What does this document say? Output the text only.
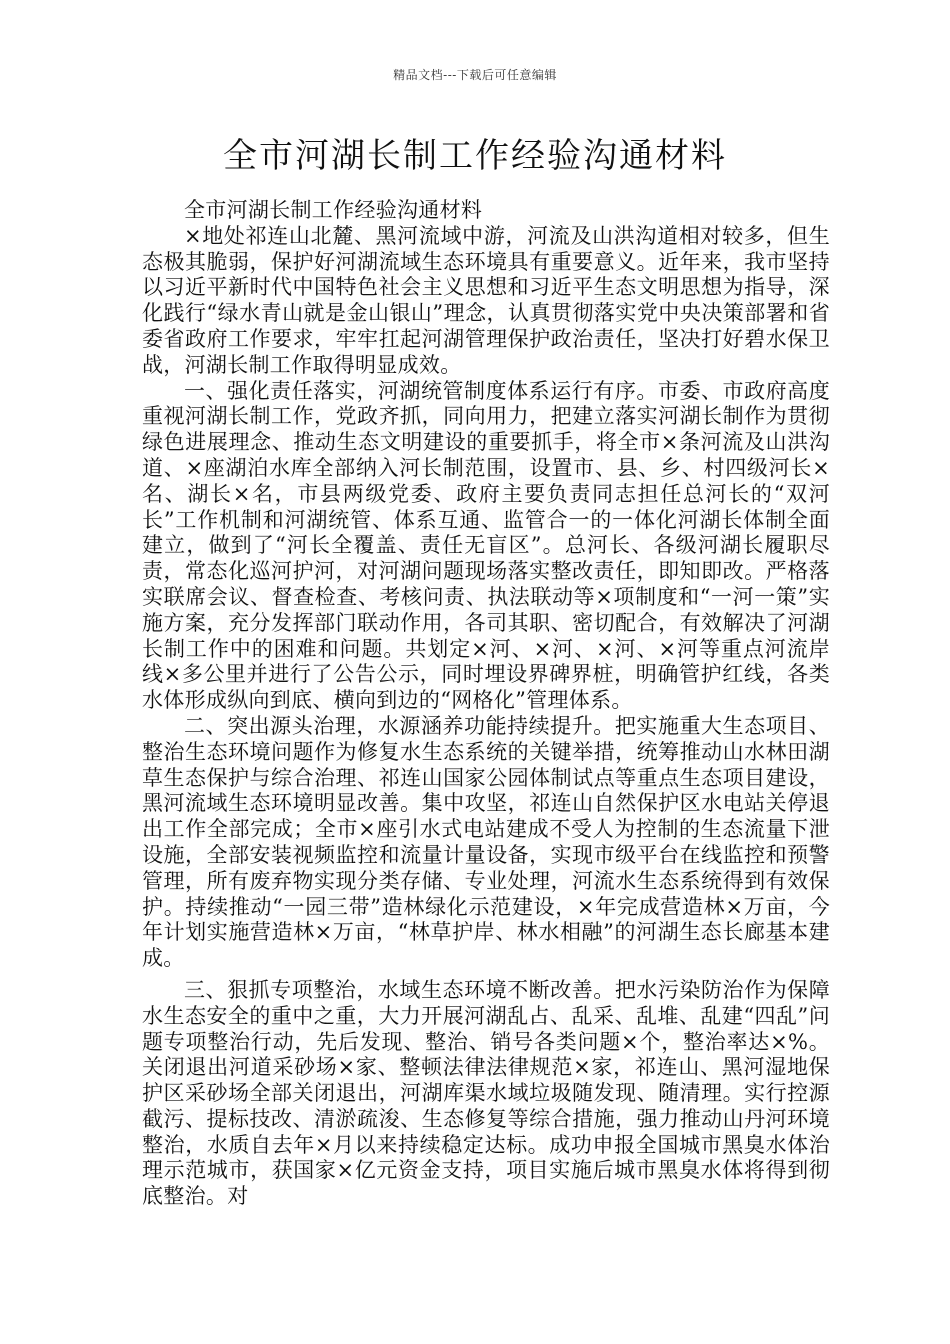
精品文档---下载后可任意编辑
全市河湖长制工作经验沟通材料

全市河湖长制工作经验沟通材料

×地处祁连山北麓、黑河流域中游，河流及山洪沟道相对较多，但生态极其脆弱，保护好河湖流域生态环境具有重要意义。近年来，我市坚持以习近平新时代中国特色社会主义思想和习近平生态文明思想为指导，深化践行“绿水青山就是金山银山”理念，认真贯彻落实党中央决策部署和省委省政府工作要求，牢牢扛起河湖管理保护政治责任，坚决打好碧水保卫战，河湖长制工作取得明显成效。

一、强化责任落实，河湖统管制度体系运行有序。市委、市政府高度重视河湖长制工作，党政齐抓，同向用力，把建立落实河湖长制作为贯彻绿色进展理念、推动生态文明建设的重要抓手，将全市×条河流及山洪沟道、×座湖泊水库全部纳入河长制范围，设置市、县、乡、村四级河长×名、湖长×名，市县两级党委、政府主要负责同志担任总河长的“双河长”工作机制和河湖统管、体系互通、监管合一的一体化河湖长体制全面建立，做到了“河长全覆盖、责任无盲区”。总河长、各级河湖长履职尽责，常态化巡河护河，对河湖问题现场落实整改责任，即知即改。严格落实联席会议、督查检查、考核问责、执法联动等×项制度和“一河一策”实施方案，充分发挥部门联动作用，各司其职、密切配合，有效解决了河湖长制工作中的困难和问题。共划定×河、×河、×河、×河等重点河流岸线×多公里并进行了公告公示，同时埋设界碑界桩，明确管护红线，各类水体形成纵向到底、横向到边的“网格化”管理体系。

二、突出源头治理，水源涵养功能持续提升。把实施重大生态项目、整治生态环境问题作为修复水生态系统的关键举措，统筹推动山水林田湖草生态保护与综合治理、祁连山国家公园体制试点等重点生态项目建设，黑河流域生态环境明显改善。集中攻坚，祁连山自然保护区水电站关停退出工作全部完成；全市×座引水式电站建成不受人为控制的生态流量下泄设施，全部安装视频监控和流量计量设备，实现市级平台在线监控和预警管理，所有废弃物实现分类存储、专业处理，河流水生态系统得到有效保护。持续推动“一园三带”造林绿化示范建设，×年完成营造林×万亩，今年计划实施营造林×万亩，“林草护岸、林水相融”的河湖生态长廊基本建成。

三、狠抓专项整治，水域生态环境不断改善。把水污染防治作为保障水生态安全的重中之重，大力开展河湖乱占、乱采、乱堆、乱建“四乱”问题专项整治行动，先后发现、整治、销号各类问题×个，整治率达×%。关闭退出河道采砂场×家、整顿法律法律规范×家，祁连山、黑河湿地保护区采砂场全部关闭退出，河湖库渠水域垃圾随发现、随清理。实行控源截污、提标技改、清淤疏浚、生态修复等综合措施，强力推动山丹河环境整治，水质自去年×月以来持续稳定达标。成功申报全国城市黑臭水体治理示范城市，获国家×亿元资金支持，项目实施后城市黑臭水体将得到彻底整治。对
